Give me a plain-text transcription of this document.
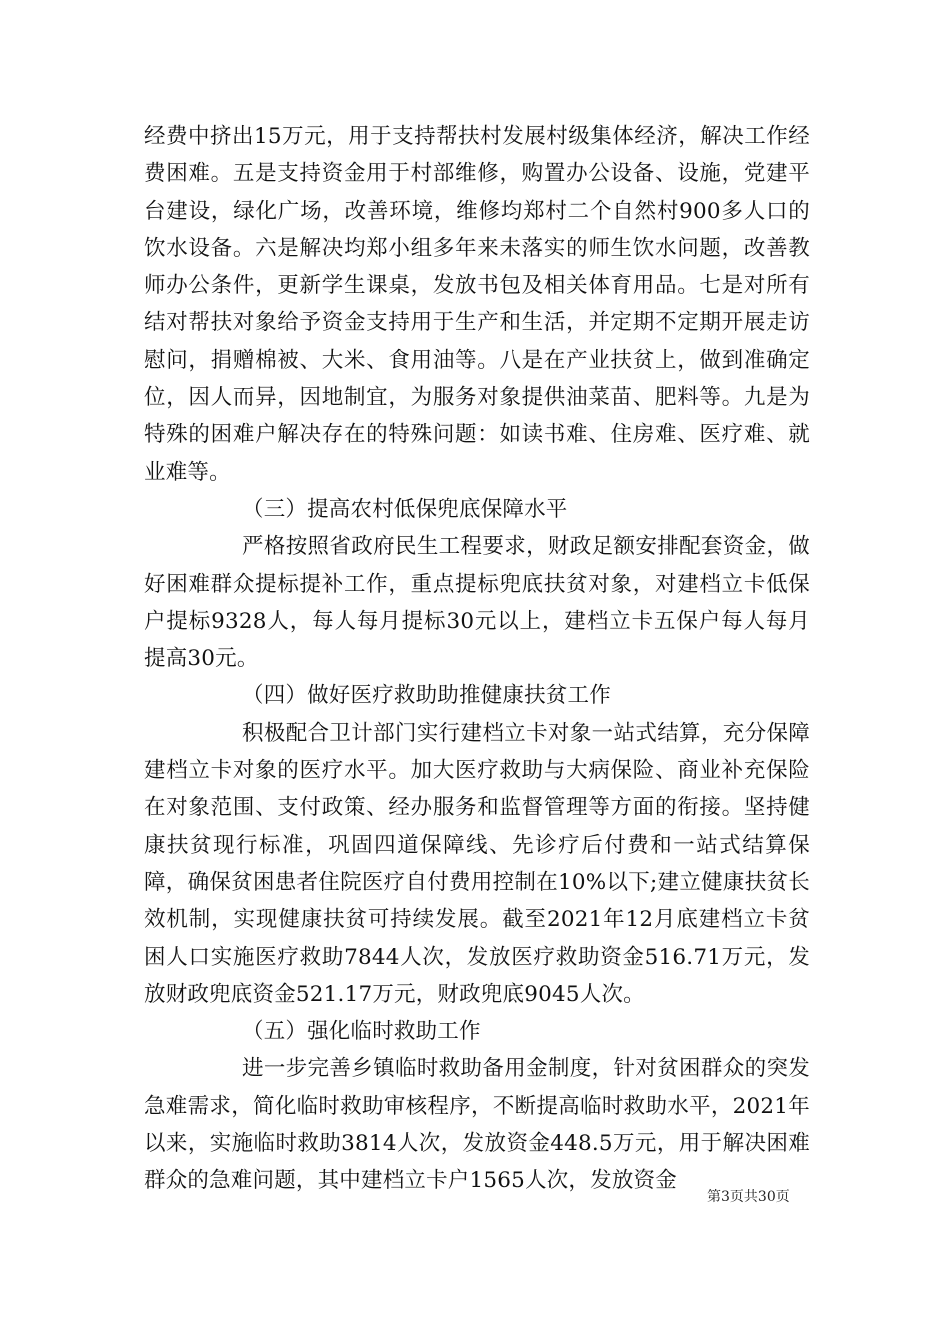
经费中挤出15万元，用于支持帮扶村发展村级集体经济，解决工作经费困难。五是支持资金用于村部维修，购置办公设备、设施，党建平台建设，绿化广场，改善环境，维修均郑村二个自然村900多人口的饮水设备。六是解决均郑小组多年来未落实的师生饮水问题，改善教师办公条件，更新学生课桌，发放书包及相关体育用品。七是对所有结对帮扶对象给予资金支持用于生产和生活，并定期不定期开展走访慰问，捐赠棉被、大米、食用油等。八是在产业扶贫上，做到准确定位，因人而异，因地制宜，为服务对象提供油菜苗、肥料等。九是为特殊的困难户解决存在的特殊问题：如读书难、住房难、医疗难、就业难等。

（三）提高农村低保兜底保障水平

严格按照省政府民生工程要求，财政足额安排配套资金，做好困难群众提标提补工作，重点提标兜底扶贫对象，对建档立卡低保户提标9328人，每人每月提标30元以上，建档立卡五保户每人每月提高30元。

（四）做好医疗救助助推健康扶贫工作

积极配合卫计部门实行建档立卡对象一站式结算，充分保障建档立卡对象的医疗水平。加大医疗救助与大病保险、商业补充保险在对象范围、支付政策、经办服务和监督管理等方面的衔接。坚持健康扶贫现行标准，巩固四道保障线、先诊疗后付费和一站式结算保障，确保贫困患者住院医疗自付费用控制在10%以下;建立健康扶贫长效机制，实现健康扶贫可持续发展。截至2021年12月底建档立卡贫困人口实施医疗救助7844人次，发放医疗救助资金516.71万元，发放财政兜底资金521.17万元，财政兜底9045人次。

（五）强化临时救助工作

进一步完善乡镇临时救助备用金制度，针对贫困群众的突发急难需求，简化临时救助审核程序，不断提高临时救助水平，2021年以来，实施临时救助3814人次，发放资金448.5万元，用于解决困难群众的急难问题，其中建档立卡户1565人次，发放资金

第3页共30页
